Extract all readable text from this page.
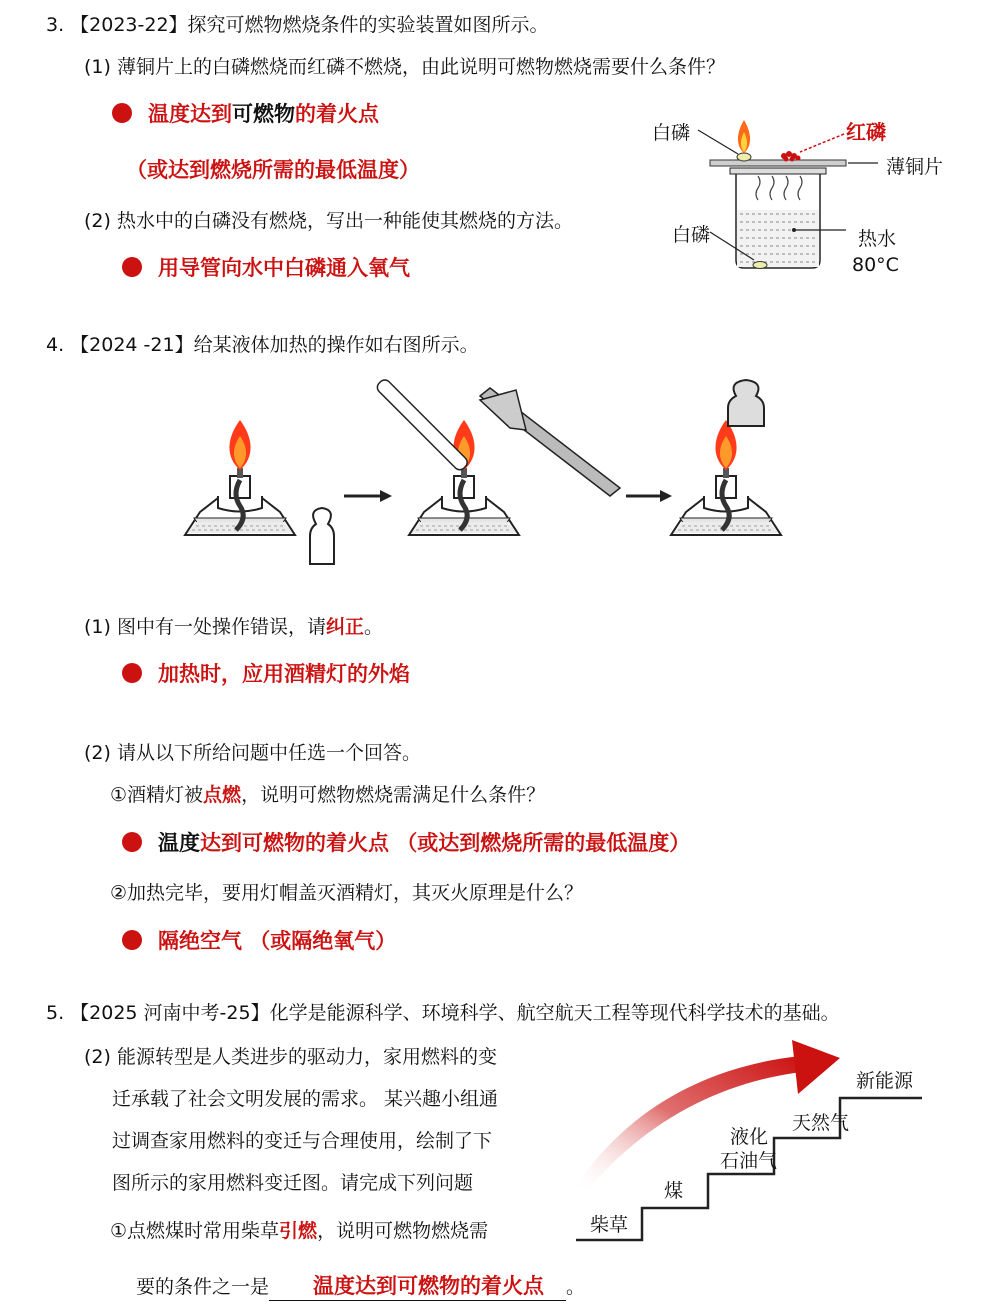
3. 【2023-22】探究可燃物燃烧条件的实验装置如图所示。
(1) 薄铜片上的白磷燃烧而红磷不燃烧，由此说明可燃物燃烧需要什么条件？
温度达到可燃物的着火点
（或达到燃烧所需的最低温度）
(2) 热水中的白磷没有燃烧，写出一种能使其燃烧的方法。
用导管向水中白磷通入氧气
白磷	红磷
薄铜片
白磷	热水
80°C
4. 【2024 -21】给某液体加热的操作如右图所示。
(1) 图中有一处操作错误，请纠正。
加热时，应用酒精灯的外焰
(2) 请从以下所给问题中任选一个回答。
①酒精灯被点燃，说明可燃物燃烧需满足什么条件？
温度达到可燃物的着火点 （或达到燃烧所需的最低温度）
②加热完毕，要用灯帽盖灭酒精灯，其灭火原理是什么？
隔绝空气 （或隔绝氧气）
5. 【2025 河南中考-25】化学是能源科学、环境科学、航空航天工程等现代科学技术的基础。
(2) 能源转型是人类进步的驱动力，家用燃料的变
迁承载了社会文明发展的需求。 某兴趣小组通
过调查家用燃料的变迁与合理使用，绘制了下
图所示的家用燃料变迁图。请完成下列问题
①点燃煤时常用柴草引燃，说明可燃物燃烧需
要的条件之一是 温度达到可燃物的着火点 。
柴草
煤
液化
石油气
天然气
新能源
